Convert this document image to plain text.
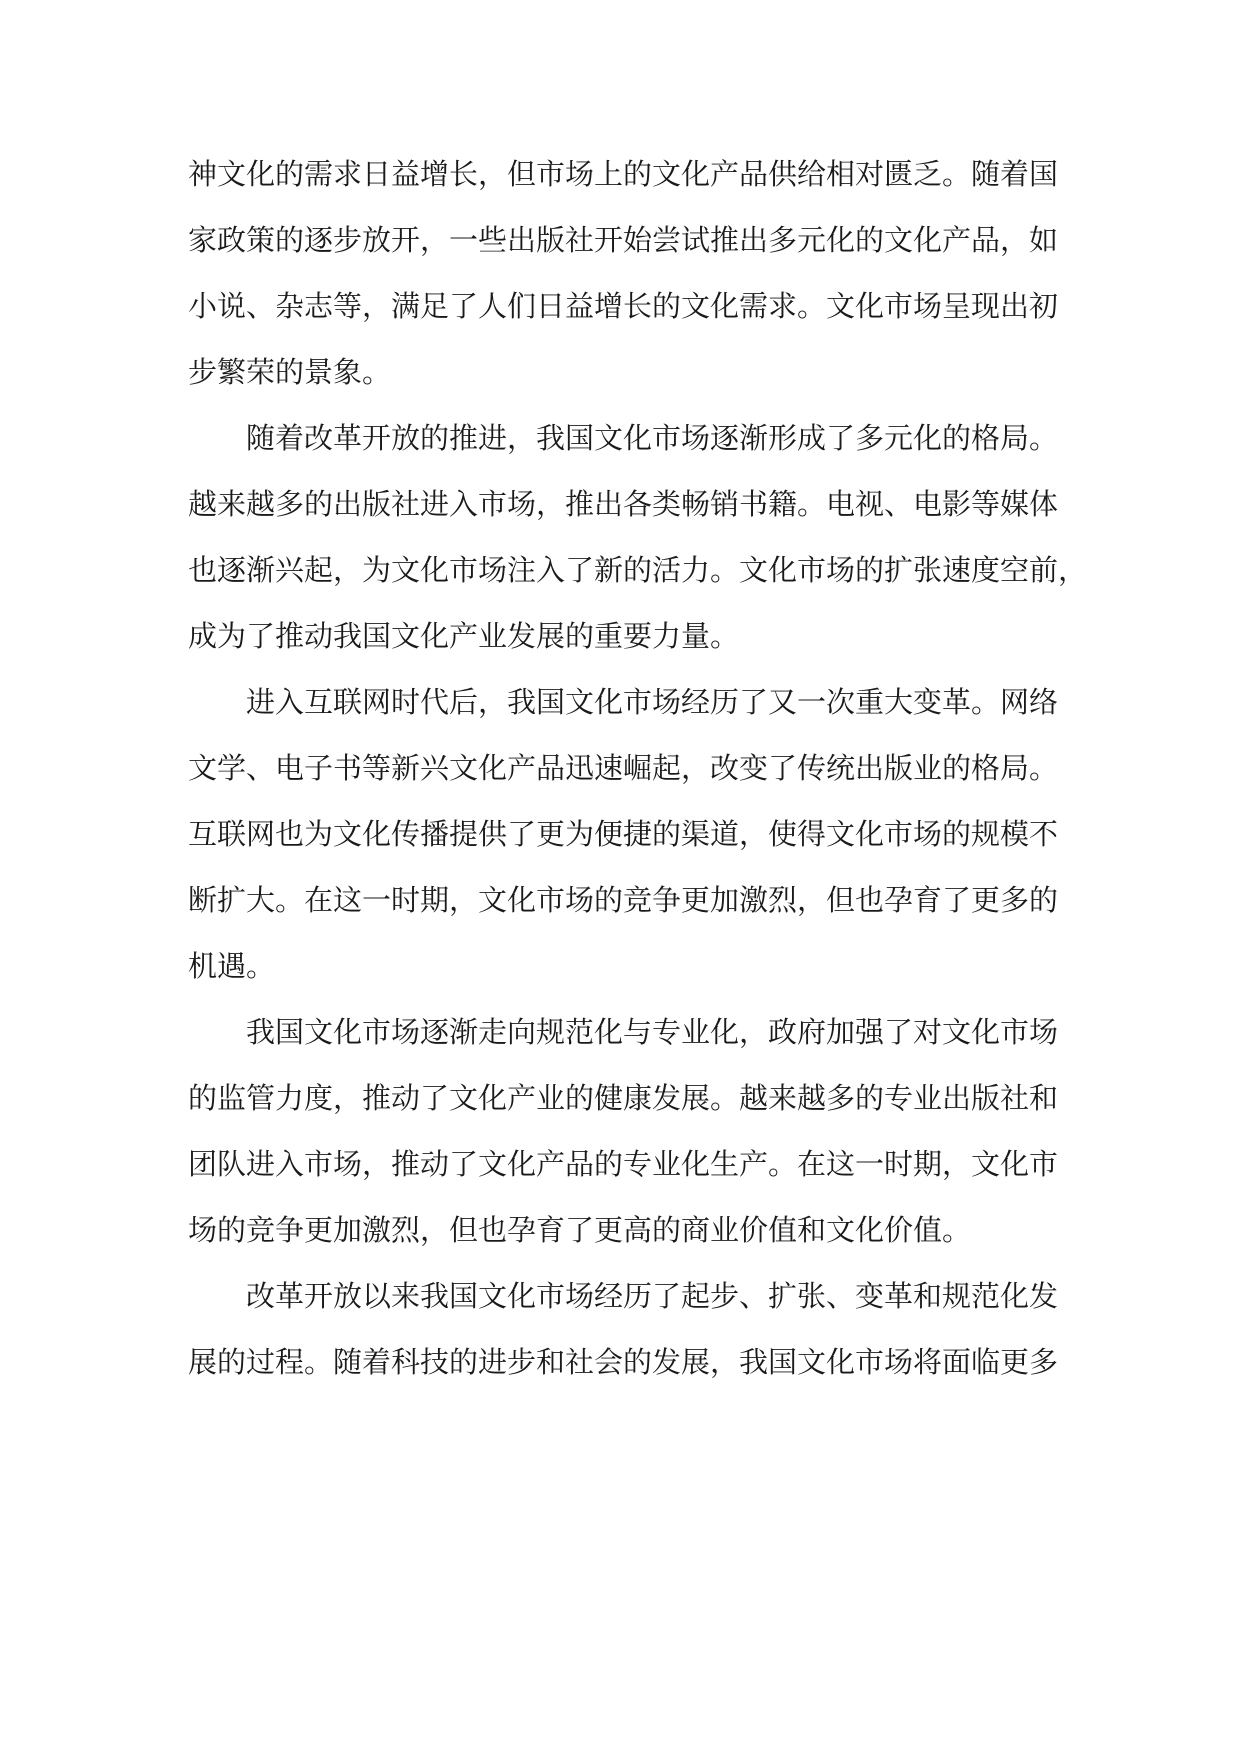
神文化的需求日益增长，但市场上的文化产品供给相对匮乏。随着国
家政策的逐步放开，一些出版社开始尝试推出多元化的文化产品，如
小说、杂志等，满足了人们日益增长的文化需求。文化市场呈现出初
步繁荣的景象。
随着改革开放的推进，我国文化市场逐渐形成了多元化的格局。
越来越多的出版社进入市场，推出各类畅销书籍。电视、电影等媒体
也逐渐兴起，为文化市场注入了新的活力。文化市场的扩张速度空前，
成为了推动我国文化产业发展的重要力量。
进入互联网时代后，我国文化市场经历了又一次重大变革。网络
文学、电子书等新兴文化产品迅速崛起，改变了传统出版业的格局。
互联网也为文化传播提供了更为便捷的渠道，使得文化市场的规模不
断扩大。在这一时期，文化市场的竞争更加激烈，但也孕育了更多的
机遇。
我国文化市场逐渐走向规范化与专业化，政府加强了对文化市场
的监管力度，推动了文化产业的健康发展。越来越多的专业出版社和
团队进入市场，推动了文化产品的专业化生产。在这一时期，文化市
场的竞争更加激烈，但也孕育了更高的商业价值和文化价值。
改革开放以来我国文化市场经历了起步、扩张、变革和规范化发
展的过程。随着科技的进步和社会的发展，我国文化市场将面临更多
